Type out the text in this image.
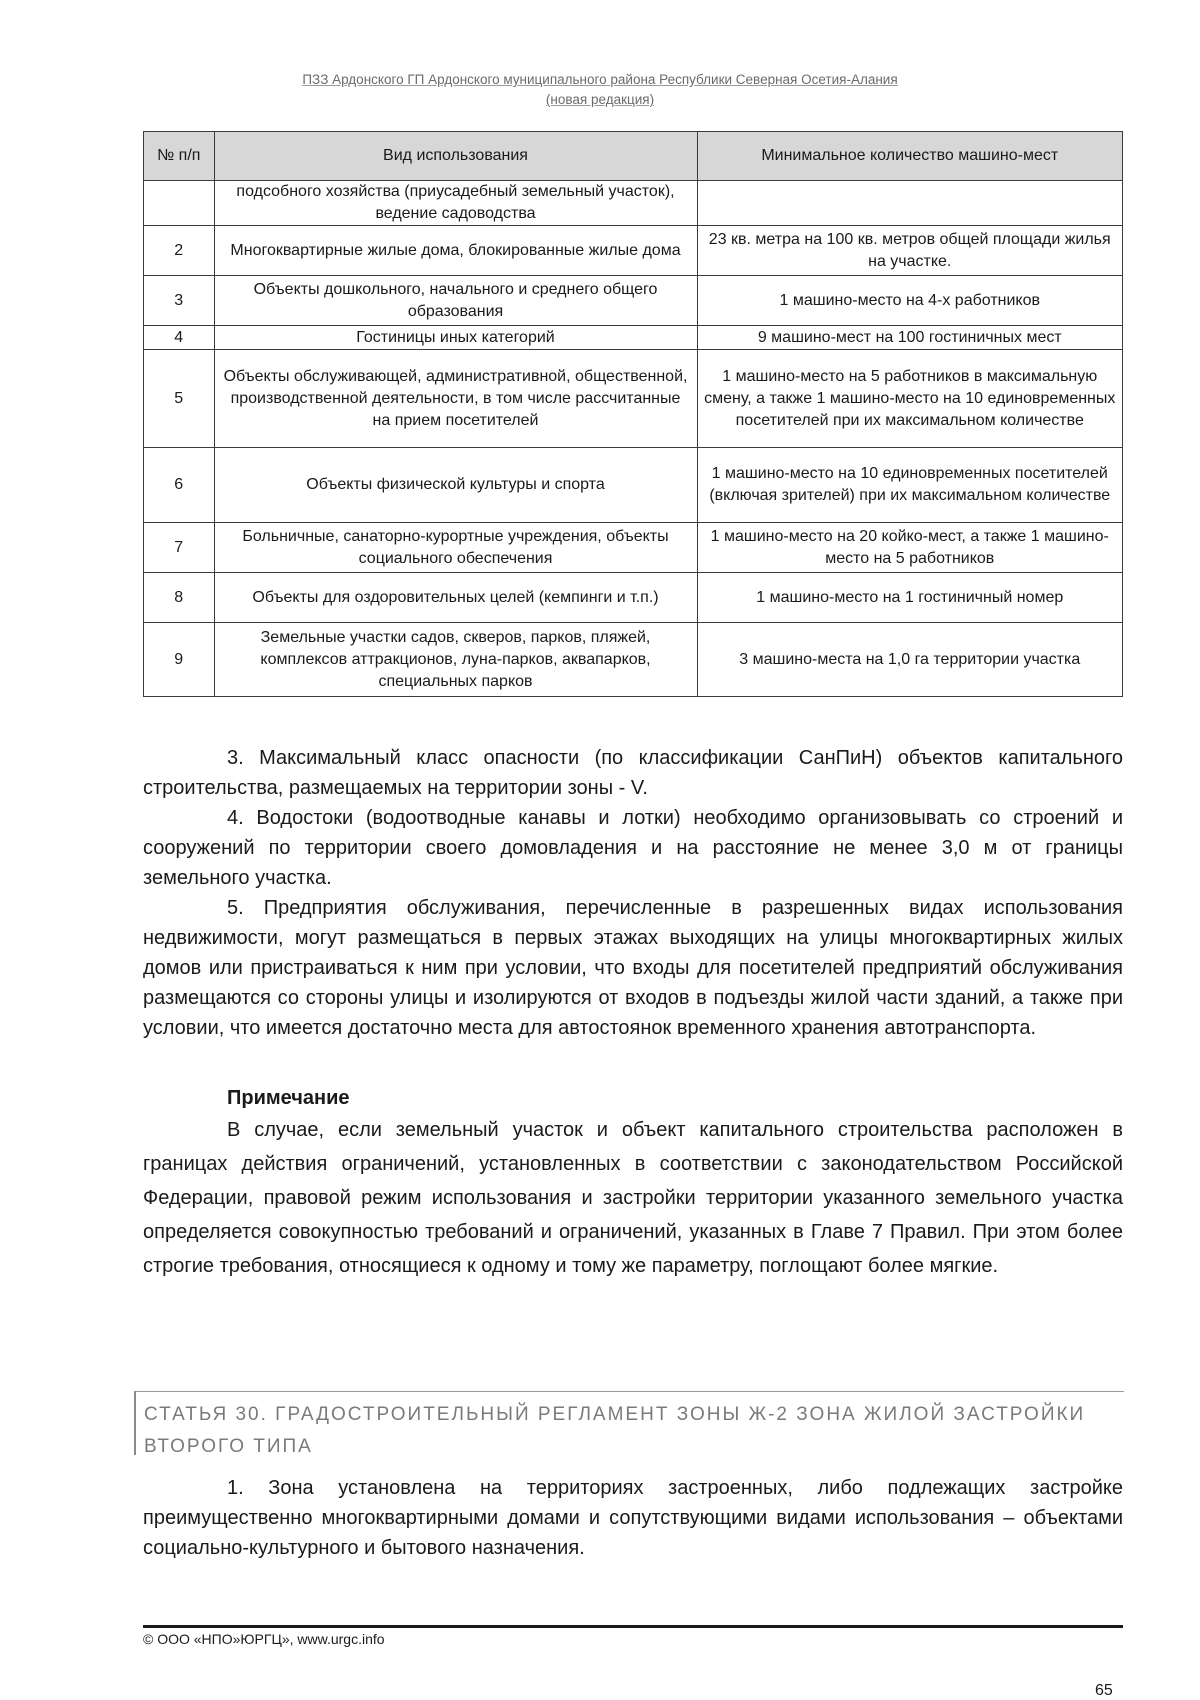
ПЗЗ Ардонского ГП Ардонского муниципального района Республики Северная Осетия-Алания
(новая редакция)
№ п/п	Вид использования	Минимальное количество машино-мест
	подсобного хозяйства (приусадебный земельный участок), ведение садоводства	
2	Многоквартирные жилые дома, блокированные жилые дома	23 кв. метра на 100 кв. метров общей площади жилья на участке.
3	Объекты дошкольного, начального и среднего общего образования	1 машино-место на 4-х работников
4	Гостиницы иных категорий	9 машино-мест на 100 гостиничных мест
5	Объекты обслуживающей, административной, общественной, производственной деятельности, в том числе рассчитанные на прием посетителей	1 машино-место на 5 работников в максимальную смену, а также 1 машино-место на 10 единовременных посетителей при их максимальном количестве
6	Объекты физической культуры и спорта	1 машино-место на 10 единовременных посетителей (включая зрителей) при их максимальном количестве
7	Больничные, санаторно-курортные учреждения, объекты социального обеспечения	1 машино-место на 20 койко-мест, а также 1 машино-место на 5 работников
8	Объекты для оздоровительных целей (кемпинги и т.п.)	1 машино-место на 1 гостиничный номер
9	Земельные участки садов, скверов, парков, пляжей, комплексов аттракционов, луна-парков, аквапарков, специальных парков	3 машино-места на 1,0 га территории участка

3. Максимальный класс опасности (по классификации СанПиН) объектов капитального строительства, размещаемых на территории зоны - V.

4. Водостоки (водоотводные канавы и лотки) необходимо организовывать со строений и сооружений по территории своего домовладения и на расстояние не менее 3,0 м от границы земельного участка.

5. Предприятия обслуживания, перечисленные в разрешенных видах использования недвижимости, могут размещаться в первых этажах выходящих на улицы многоквартирных жилых домов или пристраиваться к ним при условии, что входы для посетителей предприятий обслуживания размещаются со стороны улицы и изолируются от входов в подъезды жилой части зданий, а также при условии, что имеется достаточно места для автостоянок временного хранения автотранспорта.

Примечание

В случае, если земельный участок и объект капитального строительства расположен в границах действия ограничений, установленных в соответствии с законодательством Российской Федерации, правовой режим использования и застройки территории указанного земельного участка определяется совокупностью требований и ограничений, указанных в Главе 7 Правил. При этом более строгие требования, относящиеся к одному и тому же параметру, поглощают более мягкие.

СТАТЬЯ 30. ГРАДОСТРОИТЕЛЬНЫЙ РЕГЛАМЕНТ ЗОНЫ Ж-2 ЗОНА ЖИЛОЙ ЗАСТРОЙКИ ВТОРОГО ТИПА

1. Зона установлена на территориях застроенных, либо подлежащих застройке преимущественно многоквартирными домами и сопутствующими видами использования – объектами социально-культурного и бытового назначения.

© ООО «НПО»ЮРГЦ», www.urgc.info
65
